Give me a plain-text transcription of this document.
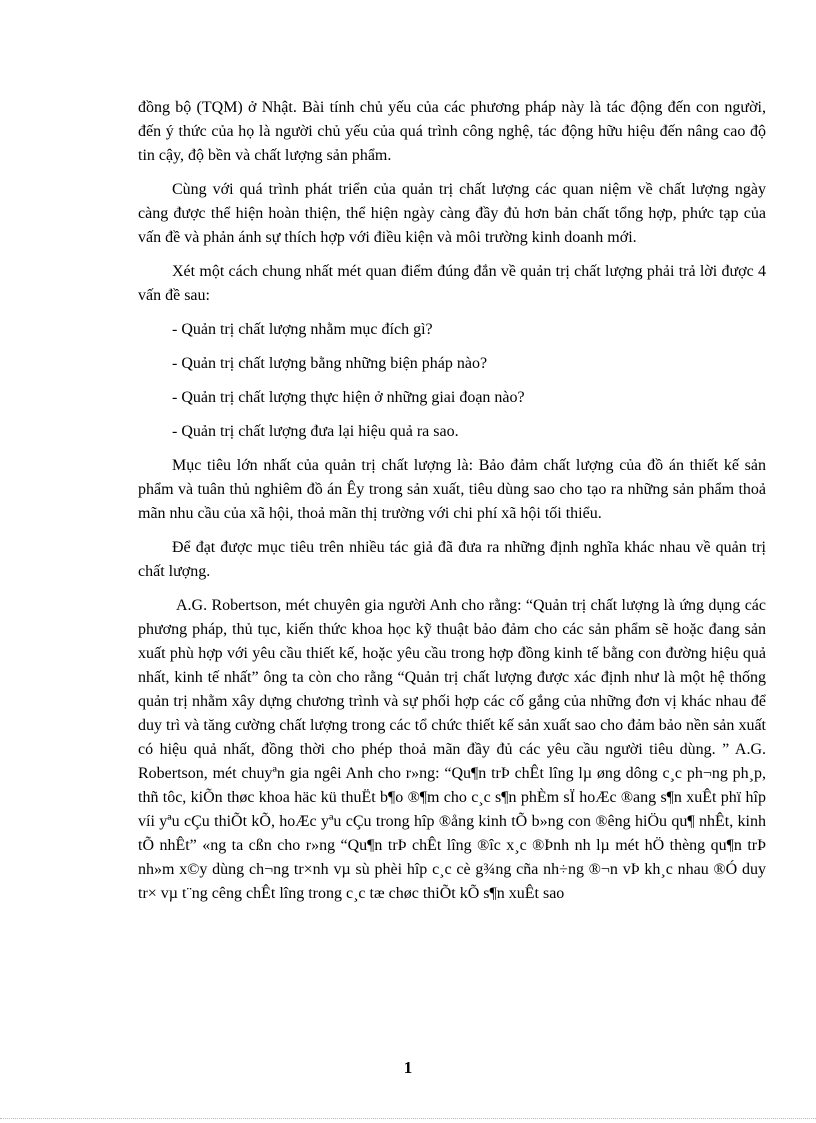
đồng bộ (TQM) ở Nhật. Bài tính chủ yếu của các phương pháp này là tác động đến con người, đến ý thức của họ là người chủ yếu của quá trình công nghệ, tác động hữu hiệu đến nâng cao độ tin cậy, độ bền và chất lượng sản phẩm.

Cùng với quá trình phát triển của quản trị chất lượng các quan niệm về chất lượng ngày càng được thể hiện hoàn thiện, thể hiện ngày càng đầy đủ hơn bản chất tổng hợp, phức tạp của vấn đề và phản ánh sự thích hợp với điều kiện và môi trường kinh doanh mới.

Xét một cách chung nhất mét quan điểm đúng đắn về quản trị chất lượng phải trả lời được 4 vấn đề sau:

- Quản trị chất lượng nhằm mục đích gì?

- Quản trị chất lượng bằng những biện pháp nào?

- Quản trị chất lượng thực hiện ở những giai đoạn nào?

- Quản trị chất lượng đưa lại hiệu quả ra sao.

Mục tiêu lớn nhất của quản trị chất lượng là: Bảo đảm chất lượng của đồ án thiết kế sản phẩm và tuân thủ nghiêm đồ án Êy trong sản xuất, tiêu dùng sao cho tạo ra những sản phẩm thoả mãn nhu cầu của xã hội, thoả mãn thị trường với chi phí xã hội tối thiểu.

Để đạt được mục tiêu trên nhiều tác giả đã đưa ra những định nghĩa khác nhau về quản trị chất lượng.

A.G. Robertson, mét chuyên gia người Anh cho rằng: “Quản trị chất lượng là ứng dụng các phương pháp, thủ tục, kiến thức khoa học kỹ thuật bảo đảm cho các sản phẩm sẽ hoặc đang sản xuất phù hợp với yêu cầu thiết kế, hoặc yêu cầu trong hợp đồng kinh tế bằng con đường hiệu quả nhất, kinh tế nhất” ông ta còn cho rằng “Quản trị chất lượng được xác định như là một hệ thống quản trị nhằm xây dựng chương trình và sự phối hợp các cố gắng của những đơn vị khác nhau để duy trì và tăng cường chất lượng trong các tổ chức thiết kế sản xuất sao cho đảm bảo nền sản xuất có hiệu quả nhất, đồng thời cho phép thoả mãn đầy đủ các yêu cầu người tiêu dùng. ” A.G. Robertson, mét chuyªn gia ngêi Anh cho r»ng: “Qu¶n trÞ chÊt lîng lµ øng dông c¸c ph¬ng ph¸p, thñ tôc, kiÕn thøc khoa häc kü thuËt b¶o ®¶m cho c¸c s¶n phÈm sÏ hoÆc ®ang s¶n xuÊt phï hîp víi yªu cÇu thiÕt kÕ, hoÆc yªu cÇu trong hîp ®ång kinh tÕ b»ng con ®êng hiÖu qu¶ nhÊt, kinh tÕ nhÊt” «ng ta cßn cho r»ng “Qu¶n trÞ chÊt lîng ®îc x¸c ®Þnh nh lµ mét hÖ thèng qu¶n trÞ nh»m x©y dùng ch¬ng tr×nh vµ sù phèi hîp c¸c cè g¾ng cña nh÷ng ®¬n vÞ kh¸c nhau ®Ó duy tr× vµ t¨ng cêng chÊt lîng trong c¸c tæ chøc thiÕt kÕ s¶n xuÊt sao

1
